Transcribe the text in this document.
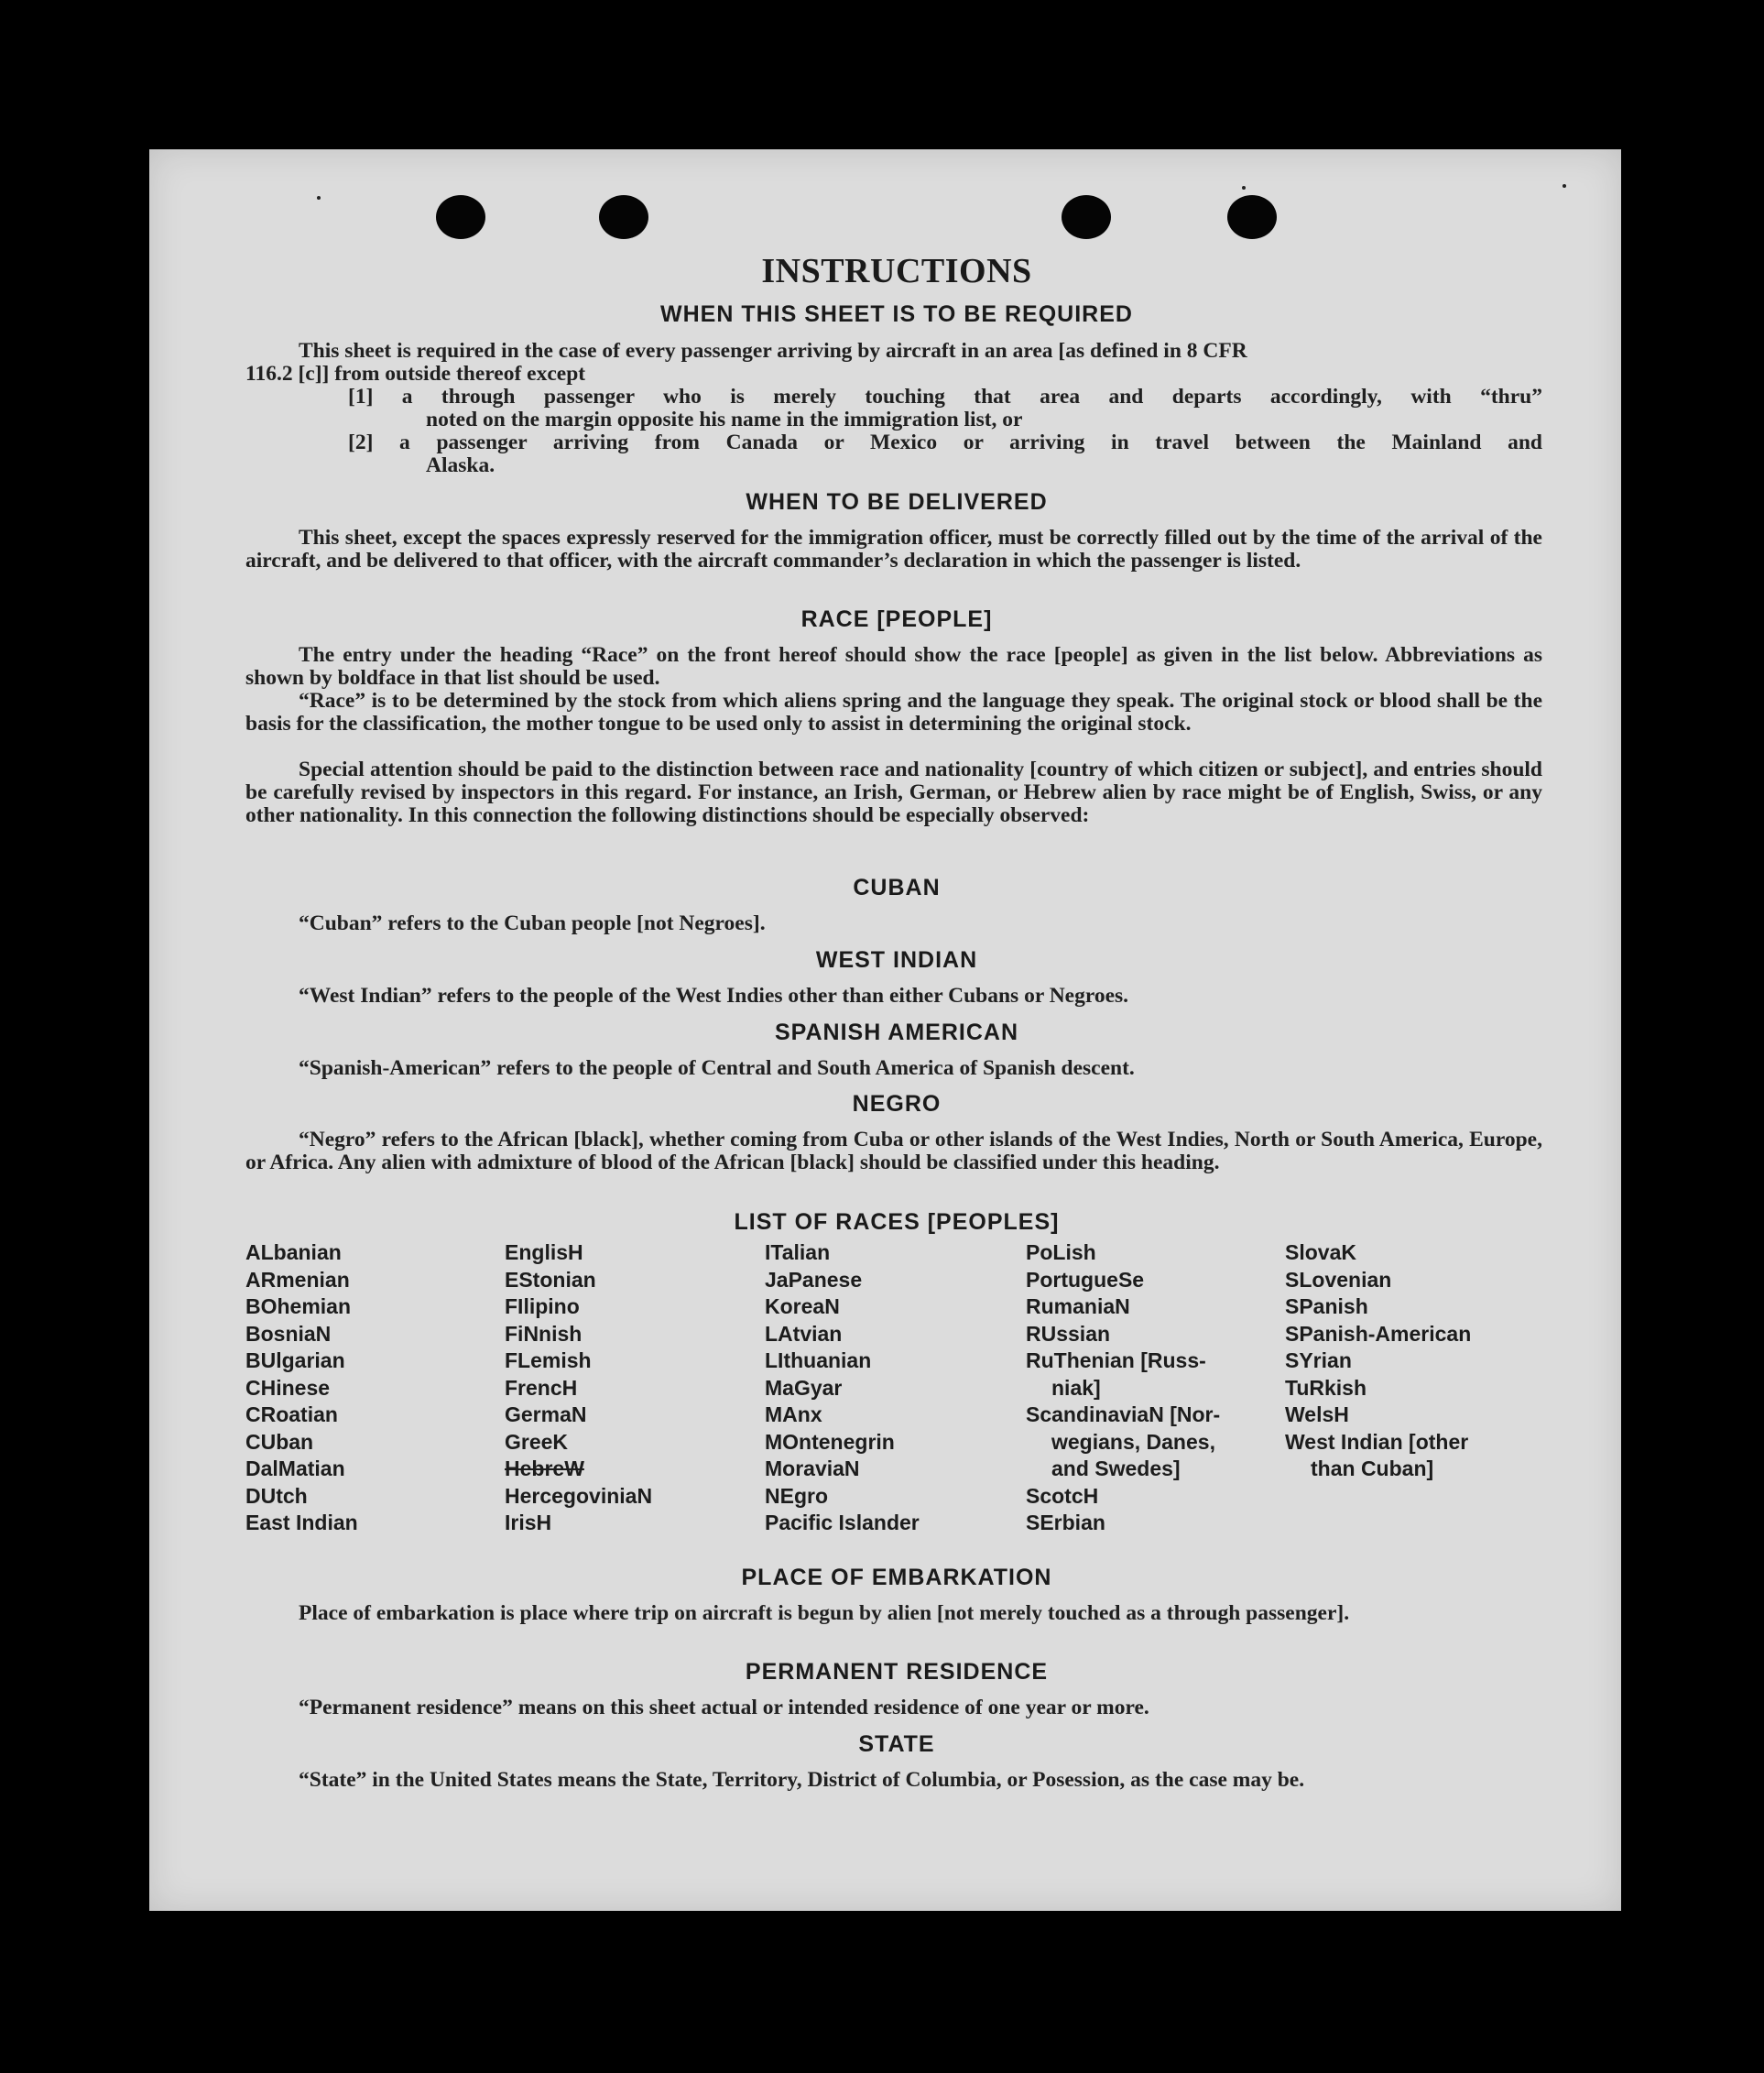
INSTRUCTIONS
WHEN THIS SHEET IS TO BE REQUIRED
This sheet is required in the case of every passenger arriving by aircraft in an area [as defined in 8 CFR
116.2 [c]] from outside thereof except
[1] a through passenger who is merely touching that area and departs accordingly, with “thru”
noted on the margin opposite his name in the immigration list, or
[2] a passenger arriving from Canada or Mexico or arriving in travel between the Mainland and
Alaska.
WHEN TO BE DELIVERED
This sheet, except the spaces expressly reserved for the immigration officer, must be correctly filled out by the time of the arrival of the aircraft, and be delivered to that officer, with the aircraft commander’s declaration in which the passenger is listed.
RACE [PEOPLE]
The entry under the heading “Race” on the front hereof should show the race [people] as given in the list below. Abbreviations as shown by boldface in that list should be used.
“Race” is to be determined by the stock from which aliens spring and the language they speak. The original stock or blood shall be the basis for the classification, the mother tongue to be used only to assist in determining the original stock.
Special attention should be paid to the distinction between race and nationality [country of which citizen or subject], and entries should be carefully revised by inspectors in this regard. For instance, an Irish, German, or Hebrew alien by race might be of English, Swiss, or any other nationality. In this connection the following distinctions should be especially observed:
CUBAN
“Cuban” refers to the Cuban people [not Negroes].
WEST INDIAN
“West Indian” refers to the people of the West Indies other than either Cubans or Negroes.
SPANISH AMERICAN
“Spanish-American” refers to the people of Central and South America of Spanish descent.
NEGRO
“Negro” refers to the African [black], whether coming from Cuba or other islands of the West Indies, North or South America, Europe, or Africa. Any alien with admixture of blood of the African [black] should be classified under this heading.
LIST OF RACES [PEOPLES]
ALbanian
ARmenian
BOhemian
BosniaN
BUlgarian
CHinese
CRoatian
CUban
DalMatian
DUtch
East Indian
EnglisH
EStonian
FIlipino
FiNnish
FLemish
FrencH
GermaN
GreeK
HebreW
HercegoviniaN
IrisH
ITalian
JaPanese
KoreaN
LAtvian
LIthuanian
MaGyar
MAnx
MOntenegrin
MoraviaN
NEgro
Pacific Islander
PoLish
PortugueSe
RumaniaN
RUssian
RuThenian [Russ-
niak]
ScandinaviaN [Nor-
wegians, Danes,
and Swedes]
ScotcH
SErbian
SlovaK
SLovenian
SPanish
SPanish-American
SYrian
TuRkish
WelsH
West Indian [other
than Cuban]
PLACE OF EMBARKATION
Place of embarkation is place where trip on aircraft is begun by alien [not merely touched as a through passenger].
PERMANENT RESIDENCE
“Permanent residence” means on this sheet actual or intended residence of one year or more.
STATE
“State” in the United States means the State, Territory, District of Columbia, or Posession, as the case may be.
